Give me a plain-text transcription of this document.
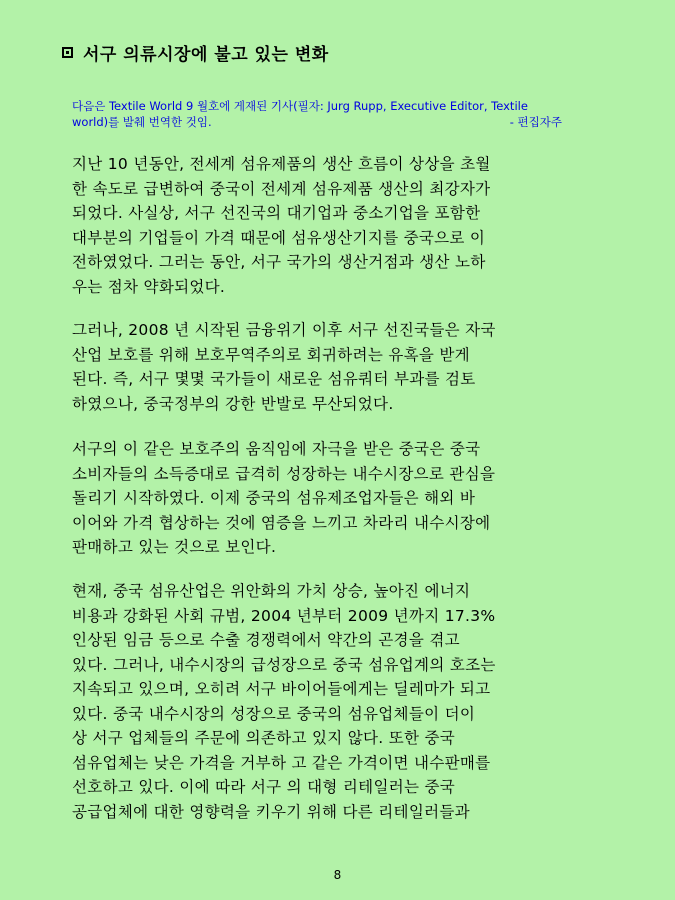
서구 의류시장에 불고 있는 변화
다음은 Textile World 9 월호에 게재된 기사(필자: Jurg Rupp, Executive Editor, Textile
world)를 발췌 번역한 것임.	- 편집자주
지난 10 년동안, 전세계 섬유제품의 생산 흐름이 상상을 초월
한 속도로 급변하여 중국이 전세계 섬유제품 생산의 최강자가
되었다. 사실상, 서구 선진국의 대기업과 중소기업을 포함한
대부분의 기업들이 가격 때문에 섬유생산기지를 중국으로 이
전하였었다. 그러는 동안, 서구 국가의 생산거점과 생산 노하
우는 점차 약화되었다.
그러나, 2008 년 시작된 금융위기 이후 서구 선진국들은 자국
산업 보호를 위해 보호무역주의로 회귀하려는 유혹을 받게
된다. 즉, 서구 몇몇 국가들이 새로운 섬유쿼터 부과를 검토
하였으나, 중국정부의 강한 반발로 무산되었다.
서구의 이 같은 보호주의 움직임에 자극을 받은 중국은 중국
소비자들의 소득증대로 급격히 성장하는 내수시장으로 관심을
돌리기 시작하였다. 이제 중국의 섬유제조업자들은 해외 바
이어와 가격 협상하는 것에 염증을 느끼고 차라리 내수시장에
판매하고 있는 것으로 보인다.
현재, 중국 섬유산업은 위안화의 가치 상승, 높아진 에너지
비용과 강화된 사회 규범, 2004 년부터 2009 년까지 17.3%
인상된 임금 등으로 수출 경쟁력에서 약간의 곤경을 겪고
있다. 그러나, 내수시장의 급성장으로 중국 섬유업계의 호조는
지속되고 있으며, 오히려 서구 바이어들에게는 딜레마가 되고
있다. 중국 내수시장의 성장으로 중국의 섬유업체들이 더이
상 서구 업체들의 주문에 의존하고 있지 않다. 또한 중국
섬유업체는 낮은 가격을 거부하 고 같은 가격이면 내수판매를
선호하고 있다. 이에 따라 서구 의 대형 리테일러는 중국
공급업체에 대한 영향력을 키우기 위해 다른 리테일러들과
8
